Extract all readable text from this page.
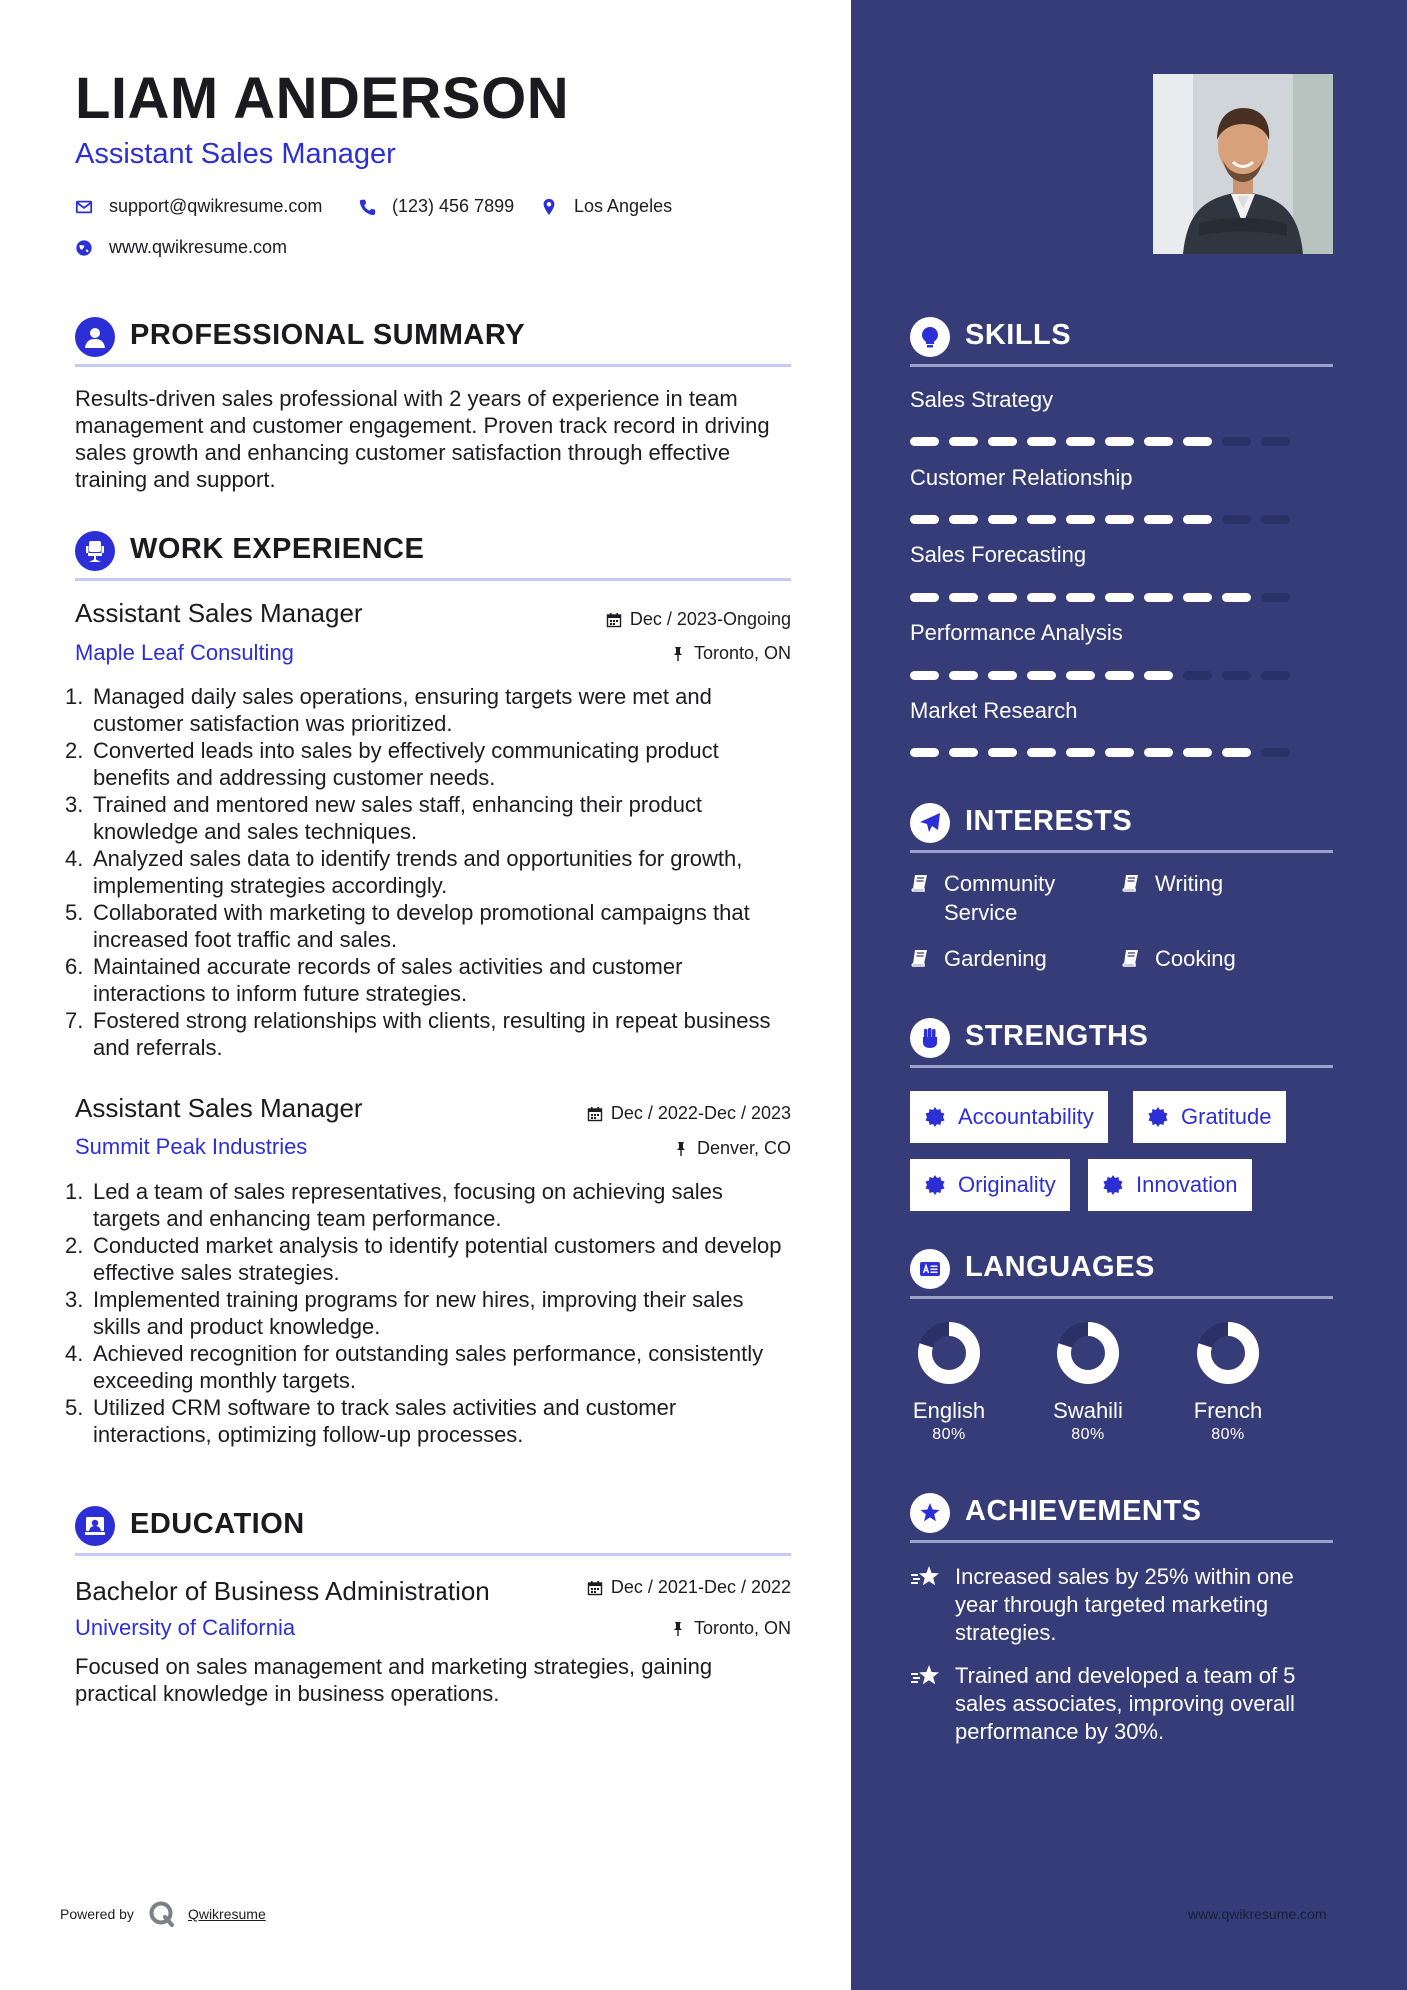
LIAM ANDERSON
Assistant Sales Manager
support@qwikresume.com	(123) 456 7899	Los Angeles
www.qwikresume.com
PROFESSIONAL SUMMARY
Results-driven sales professional with 2 years of experience in team management and customer engagement. Proven track record in driving sales growth and enhancing customer satisfaction through effective training and support.
WORK EXPERIENCE
Assistant Sales Manager	Dec / 2023-Ongoing
Maple Leaf Consulting	Toronto, ON
Managed daily sales operations, ensuring targets were met and customer satisfaction was prioritized.
Converted leads into sales by effectively communicating product benefits and addressing customer needs.
Trained and mentored new sales staff, enhancing their product knowledge and sales techniques.
Analyzed sales data to identify trends and opportunities for growth, implementing strategies accordingly.
Collaborated with marketing to develop promotional campaigns that increased foot traffic and sales.
Maintained accurate records of sales activities and customer interactions to inform future strategies.
Fostered strong relationships with clients, resulting in repeat business and referrals.
Assistant Sales Manager	Dec / 2022-Dec / 2023
Summit Peak Industries	Denver, CO
Led a team of sales representatives, focusing on achieving sales targets and enhancing team performance.
Conducted market analysis to identify potential customers and develop effective sales strategies.
Implemented training programs for new hires, improving their sales skills and product knowledge.
Achieved recognition for outstanding sales performance, consistently exceeding monthly targets.
Utilized CRM software to track sales activities and customer interactions, optimizing follow-up processes.
EDUCATION
Bachelor of Business Administration	Dec / 2021-Dec / 2022
University of California	Toronto, ON
Focused on sales management and marketing strategies, gaining practical knowledge in business operations.
Powered by	Qwikresume
SKILLS
Sales Strategy
Customer Relationship
Sales Forecasting
Performance Analysis
Market Research
INTERESTS
Community Service
Writing
Gardening	Cooking
STRENGTHS
Accountability	Gratitude
Originality	Innovation
LANGUAGES
English
80%
Swahili
80%
French
80%
ACHIEVEMENTS
Increased sales by 25% within one year through targeted marketing strategies.
Trained and developed a team of 5 sales associates, improving overall performance by 30%.
www.qwikresume.com
